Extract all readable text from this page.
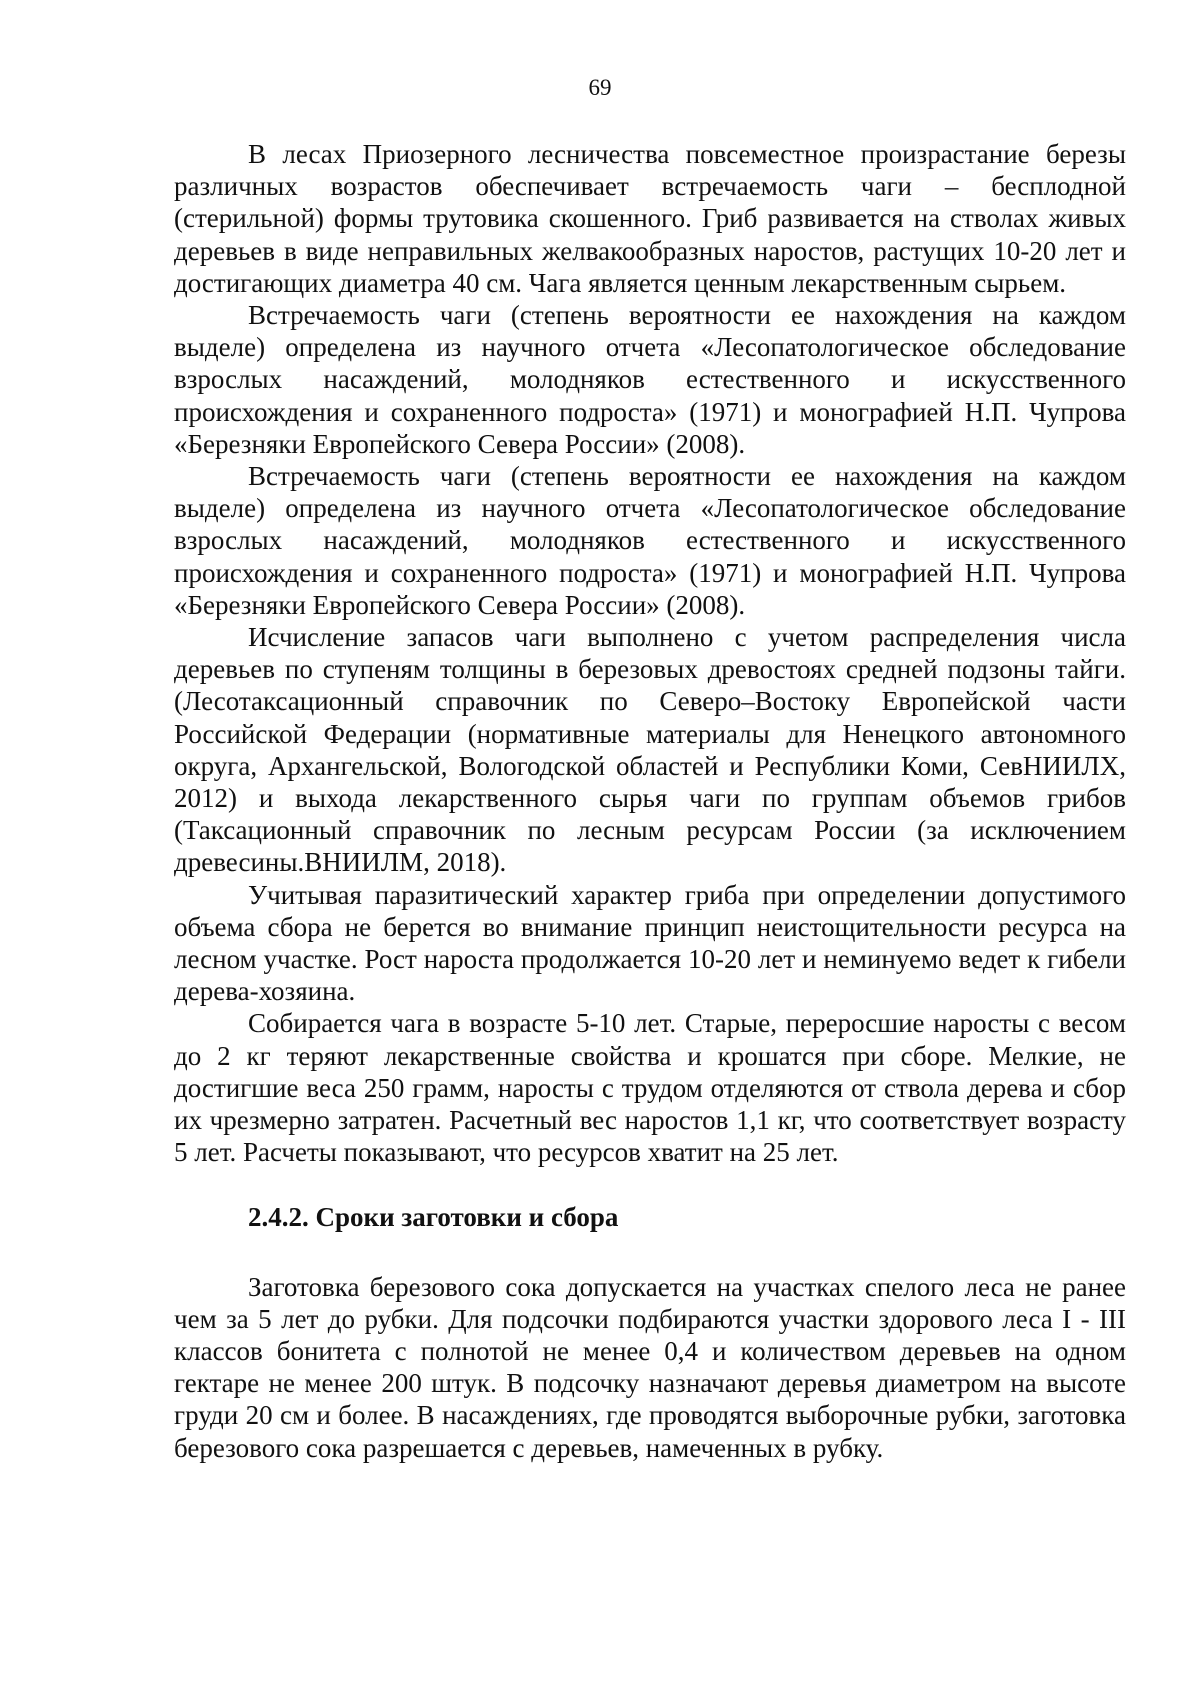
69

В лесах Приозерного лесничества повсеместное произрастание березы различных возрастов обеспечивает встречаемость чаги – бесплодной (стерильной) формы трутовика скошенного. Гриб развивается на стволах живых деревьев в виде неправильных желвакообразных наростов, растущих 10-20 лет и достигающих диаметра 40 см. Чага является ценным лекарственным сырьем.

Встречаемость чаги (степень вероятности ее нахождения на каждом выделе) определена из научного отчета «Лесопатологическое обследование взрослых насаждений, молодняков естественного и искусственного происхождения и сохраненного подроста» (1971) и монографией Н.П. Чупрова «Березняки Европейского Севера России» (2008).

Встречаемость чаги (степень вероятности ее нахождения на каждом выделе) определена из научного отчета «Лесопатологическое обследование взрослых насаждений, молодняков естественного и искусственного происхождения и сохраненного подроста» (1971) и монографией Н.П. Чупрова «Березняки Европейского Севера России» (2008).

Исчисление запасов чаги выполнено с учетом распределения числа деревьев по ступеням толщины в березовых древостоях средней подзоны тайги. (Лесотаксационный справочник по Северо–Востоку Европейской части Российской Федерации (нормативные материалы для Ненецкого автономного округа, Архангельской, Вологодской областей и Республики Коми, СевНИИЛХ, 2012) и выхода лекарственного сырья чаги по группам объемов грибов (Таксационный справочник по лесным ресурсам России (за исключением древесины.ВНИИЛМ, 2018).

Учитывая паразитический характер гриба при определении допустимого объема сбора не берется во внимание принцип неистощительности ресурса на лесном участке. Рост нароста продолжается 10-20 лет и неминуемо ведет к гибели дерева-хозяина.

Собирается чага в возрасте 5-10 лет. Старые, переросшие наросты с весом до 2 кг теряют лекарственные свойства и крошатся при сборе. Мелкие, не достигшие веса 250 грамм, наросты с трудом отделяются от ствола дерева и сбор их чрезмерно затратен. Расчетный вес наростов 1,1 кг, что соответствует возрасту 5 лет. Расчеты показывают, что ресурсов хватит на 25 лет.

2.4.2. Сроки заготовки и сбора

Заготовка березового сока допускается на участках спелого леса не ранее чем за 5 лет до рубки. Для подсочки подбираются участки здорового леса I - III классов бонитета с полнотой не менее 0,4 и количеством деревьев на одном гектаре не менее 200 штук. В подсочку назначают деревья диаметром на высоте груди 20 см и более. В насаждениях, где проводятся выборочные рубки, заготовка березового сока разрешается с деревьев, намеченных в рубку.
